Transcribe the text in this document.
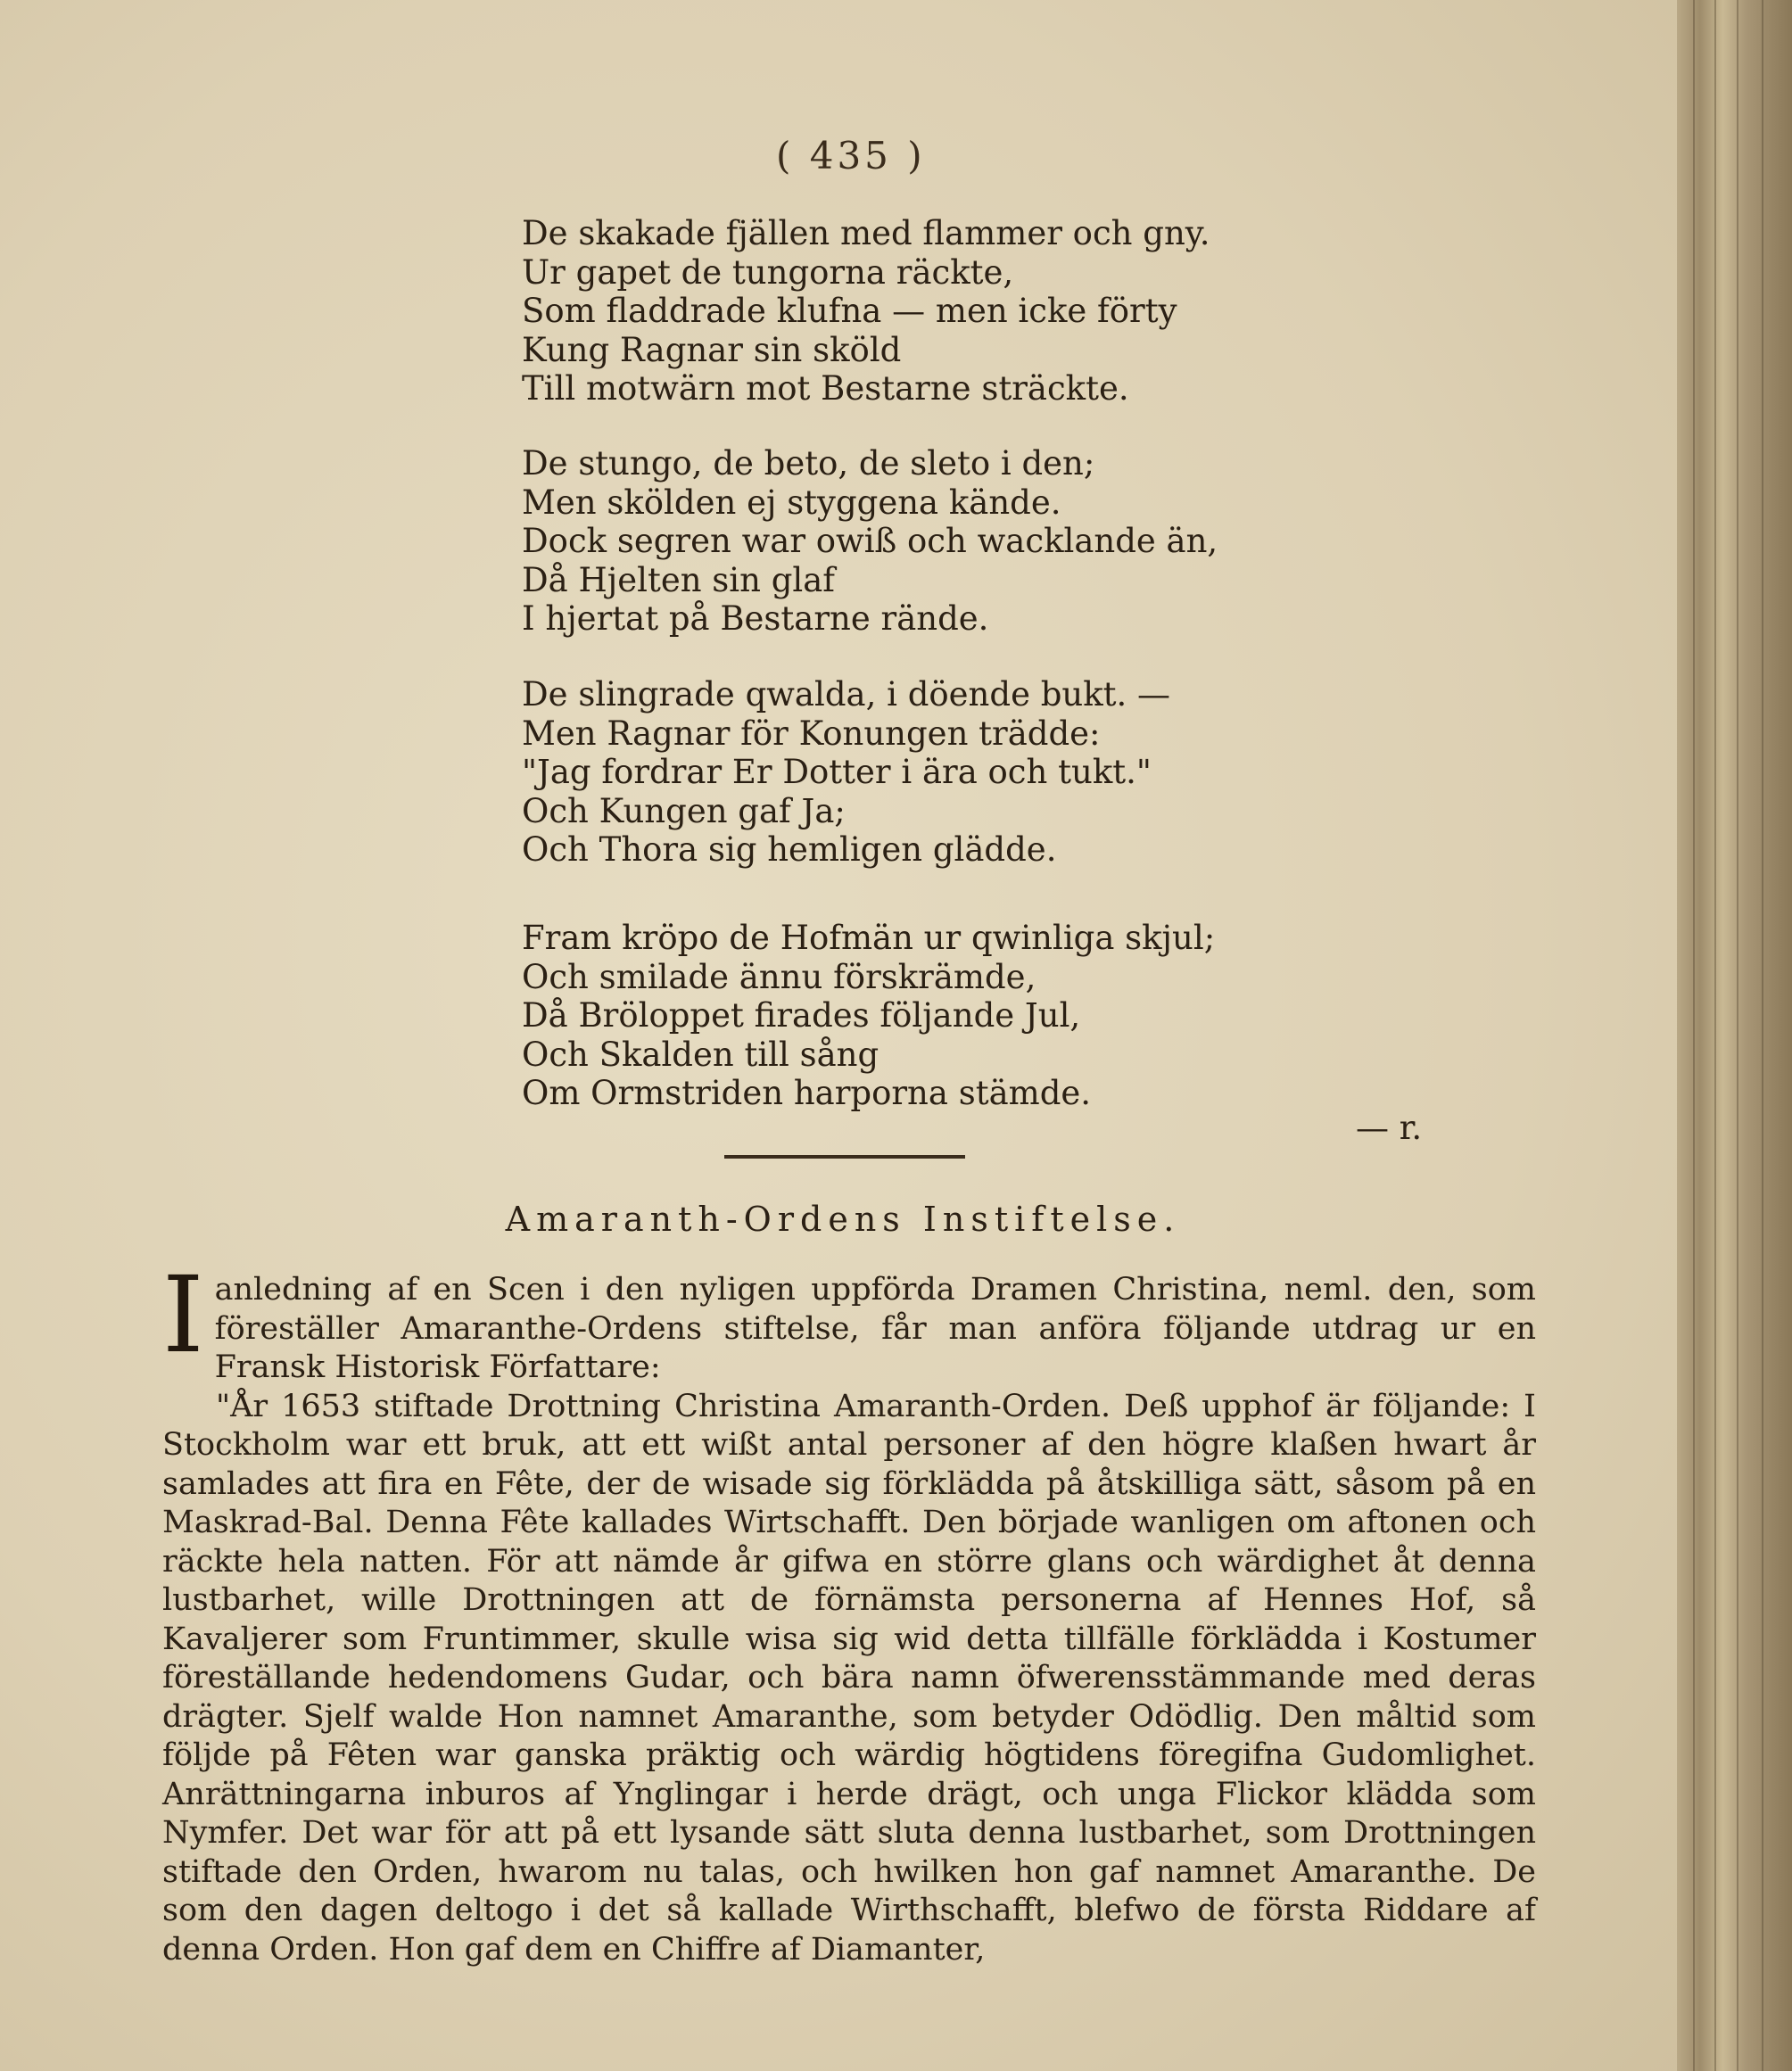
( 435 )
De skakade fjällen med flammer och gny.
Ur gapet de tungorna räckte,
Som fladdrade klufna — men icke förty
Kung Ragnar sin sköld
Till motwärn mot Bestarne sträckte.
De stungo, de beto, de sleto i den;
Men skölden ej styggena kände.
Dock segren war owiß och wacklande än,
Då Hjelten sin glaf
I hjertat på Bestarne rände.
De slingrade qwalda, i döende bukt. —
Men Ragnar för Konungen trädde:
"Jag fordrar Er Dotter i ära och tukt."
Och Kungen gaf Ja;
Och Thora sig hemligen glädde.
Fram kröpo de Hofmän ur qwinliga skjul;
Och smilade ännu förskrämde,
Då Bröloppet firades följande Jul,
Och Skalden till sång
Om Ormstriden harporna stämde.
— r.
Amaranth-Ordens Instiftelse.

Ianledning af en Scen i den nyligen uppförda Dramen Christina, neml. den, som föreställer Amaranthe-Ordens stiftelse, får man anföra följande utdrag ur en Fransk Historisk Författare:

"År 1653 stiftade Drottning Christina Amaranth-Orden. Deß upphof är följande: I Stockholm war ett bruk, att ett wißt antal personer af den högre klaßen hwart år samlades att fira en Fête, der de wisade sig förklädda på åtskilliga sätt, såsom på en Maskrad-Bal. Denna Fête kallades Wirtschafft. Den började wanligen om aftonen och räckte hela natten. För att nämde år gifwa en större glans och wärdighet åt denna lustbarhet, wille Drottningen att de förnämsta personerna af Hennes Hof, så Kavaljerer som Fruntimmer, skulle wisa sig wid detta tillfälle förklädda i Kostumer föreställande hedendomens Gudar, och bära namn öfwerensstämmande med deras drägter. Sjelf walde Hon namnet Amaranthe, som betyder Odödlig. Den måltid som följde på Fêten war ganska präktig och wärdig högtidens föregifna Gudomlighet. Anrättningarna inburos af Ynglingar i herde drägt, och unga Flickor klädda som Nymfer. Det war för att på ett lysande sätt sluta denna lustbarhet, som Drottningen stiftade den Orden, hwarom nu talas, och hwilken hon gaf namnet Amaranthe. De som den dagen deltogo i det så kallade Wirthschafft, blefwo de första Riddare af denna Orden. Hon gaf dem en Chiffre af Diamanter,
